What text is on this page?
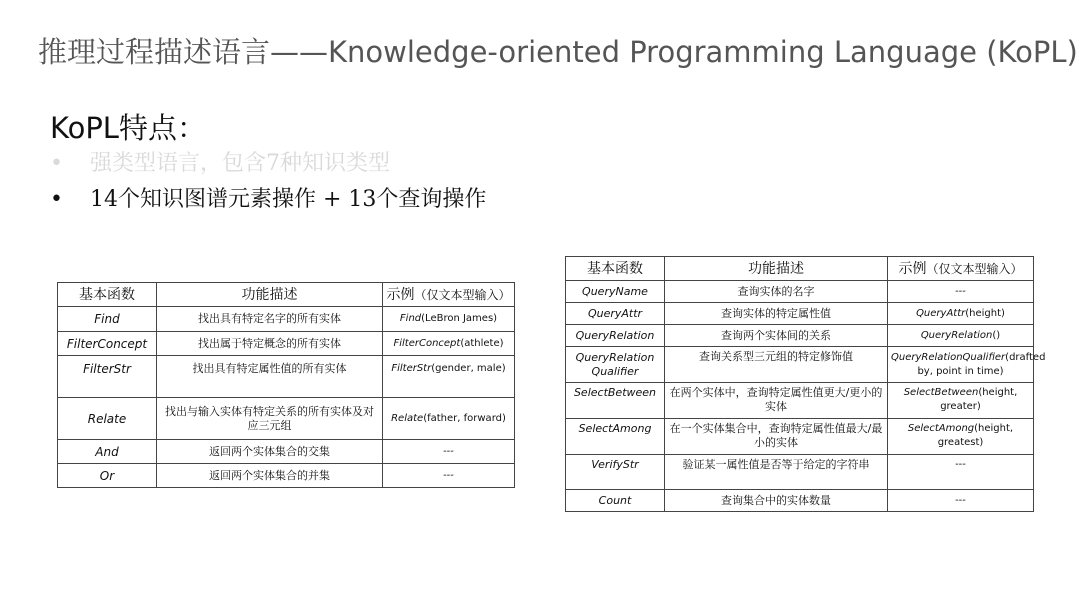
推理过程描述语言——Knowledge-oriented Programming Language (KoPL)
KoPL特点：
• 强类型语言，包含7种知识类型
• 14个知识图谱元素操作 + 13个查询操作
基本函数	功能描述	示例（仅文本型输入）
Find	找出具有特定名字的所有实体	Find(LeBron James)
FilterConcept	找出属于特定概念的所有实体	FilterConcept(athlete)
FilterStr	找出具有特定属性值的所有实体	FilterStr(gender, male)
Relate	找出与输入实体有特定关系的所有实体及对应三元组	Relate(father, forward)
And	返回两个实体集合的交集	---
Or	返回两个实体集合的并集	---
基本函数	功能描述	示例（仅文本型输入）
QueryName	查询实体的名字	---
QueryAttr	查询实体的特定属性值	QueryAttr(height)
QueryRelation	查询两个实体间的关系	QueryRelation()
QueryRelation Qualifier	查询关系型三元组的特定修饰值	QueryRelationQualifier(drafted by, point in time)
SelectBetween	在两个实体中，查询特定属性值更大/更小的实体	SelectBetween(height, greater)
SelectAmong	在一个实体集合中，查询特定属性值最大/最小的实体	SelectAmong(height, greatest)
VerifyStr	验证某一属性值是否等于给定的字符串	---
Count	查询集合中的实体数量	---
